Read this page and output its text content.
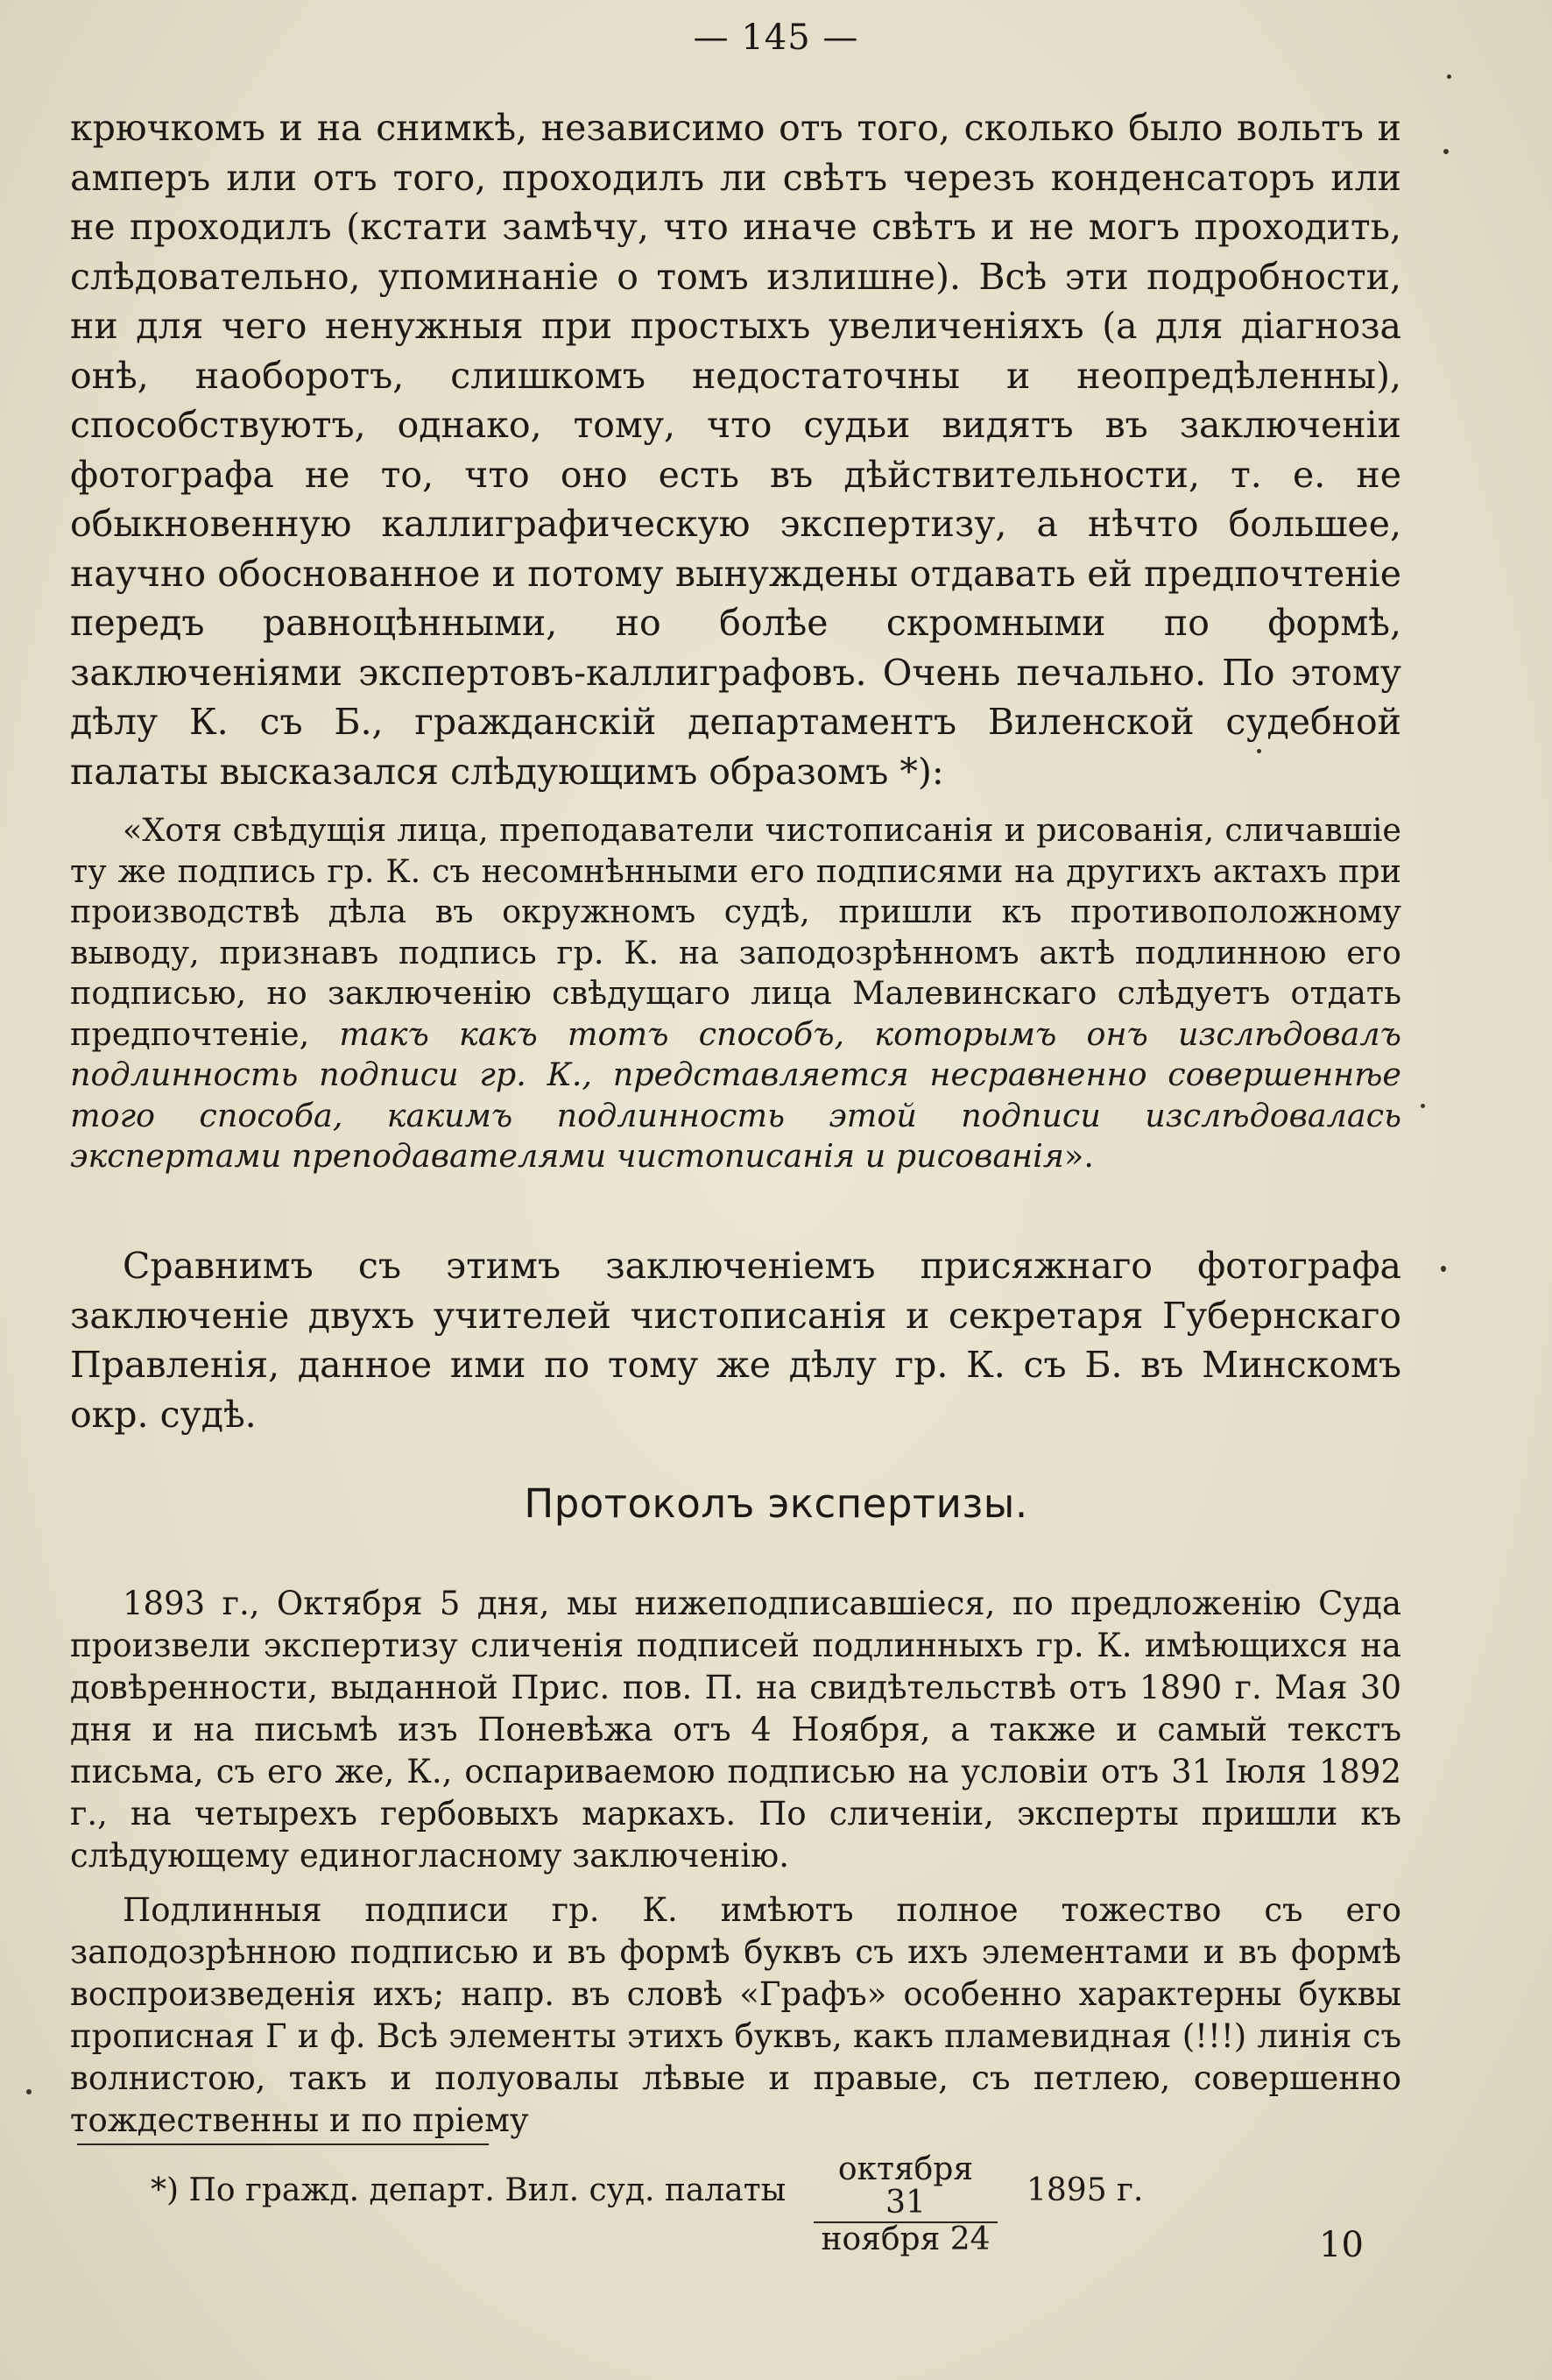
— 145 —

крючкомъ и на снимкѣ, независимо отъ того, сколько было вольтъ и амперъ или отъ того, проходилъ ли свѣтъ черезъ конденсаторъ или не проходилъ (кстати замѣчу, что иначе свѣтъ и не могъ проходить, слѣдовательно, упоминаніе о томъ излишне). Всѣ эти подробности, ни для чего ненужныя при простыхъ увеличеніяхъ (а для діагноза онѣ, наоборотъ, слишкомъ недостаточны и неопредѣленны), способствуютъ, однако, тому, что судьи видятъ въ заключеніи фотографа не то, что оно есть въ дѣйствительности, т. е. не обыкновенную каллиграфическую экспертизу, а нѣчто большее, научно обоснованное и потому вынуждены отдавать ей предпочтеніе передъ равноцѣнными, но болѣе скромными по формѣ, заключеніями экспертовъ-каллиграфовъ. Очень печально. По этому дѣлу К. съ Б., гражданскій департаментъ Виленской судебной палаты высказался слѣдующимъ образомъ *):

«Хотя свѣдущія лица, преподаватели чистописанія и рисованія, сличавшіе ту же подпись гр. К. съ несомнѣнными его подписями на другихъ актахъ при производствѣ дѣла въ окружномъ судѣ, пришли къ противоположному выводу, признавъ подпись гр. К. на заподозрѣнномъ актѣ подлинною его подписью, но заключенію свѣдущаго лица Малевинскаго слѣдуетъ отдать предпочтеніе, такъ какъ тотъ способъ, которымъ онъ изслѣдовалъ подлинность подписи гр. К., представляется несравненно совершеннѣе того способа, какимъ подлинность этой подписи изслѣдовалась экспертами преподавателями чистописанія и рисованія».

Сравнимъ съ этимъ заключеніемъ присяжнаго фотографа заключеніе двухъ учителей чистописанія и секретаря Губернскаго Правленія, данное ими по тому же дѣлу гр. К. съ Б. въ Минскомъ окр. судѣ.

Протоколъ экспертизы.

1893 г., Октября 5 дня, мы нижеподписавшіеся, по предложенію Суда произвели экспертизу сличенія подписей подлинныхъ гр. К. имѣющихся на довѣренности, выданной Прис. пов. П. на свидѣтельствѣ отъ 1890 г. Мая 30 дня и на письмѣ изъ Поневѣжа отъ 4 Ноября, а также и самый текстъ письма, съ его же, К., оспариваемою подписью на условіи отъ 31 Іюля 1892 г., на четырехъ гербовыхъ маркахъ. По сличеніи, эксперты пришли къ слѣдующему единогласному заключенію.

Подлинныя подписи гр. К. имѣютъ полное тожество съ его заподозрѣнною подписью и въ формѣ буквъ съ ихъ элементами и въ формѣ воспроизведенія ихъ; напр. въ словѣ «Графъ» особенно характерны буквы прописная Г и ф. Всѣ элементы этихъ буквъ, какъ пламевидная (!!!) линія съ волнистою, такъ и полуовалы лѣвые и правые, съ петлею, совершенно тождественны и по пріему

*) По гражд. департ. Вил. суд. палаты
октября 31
ноября 24
1895 г.
10
